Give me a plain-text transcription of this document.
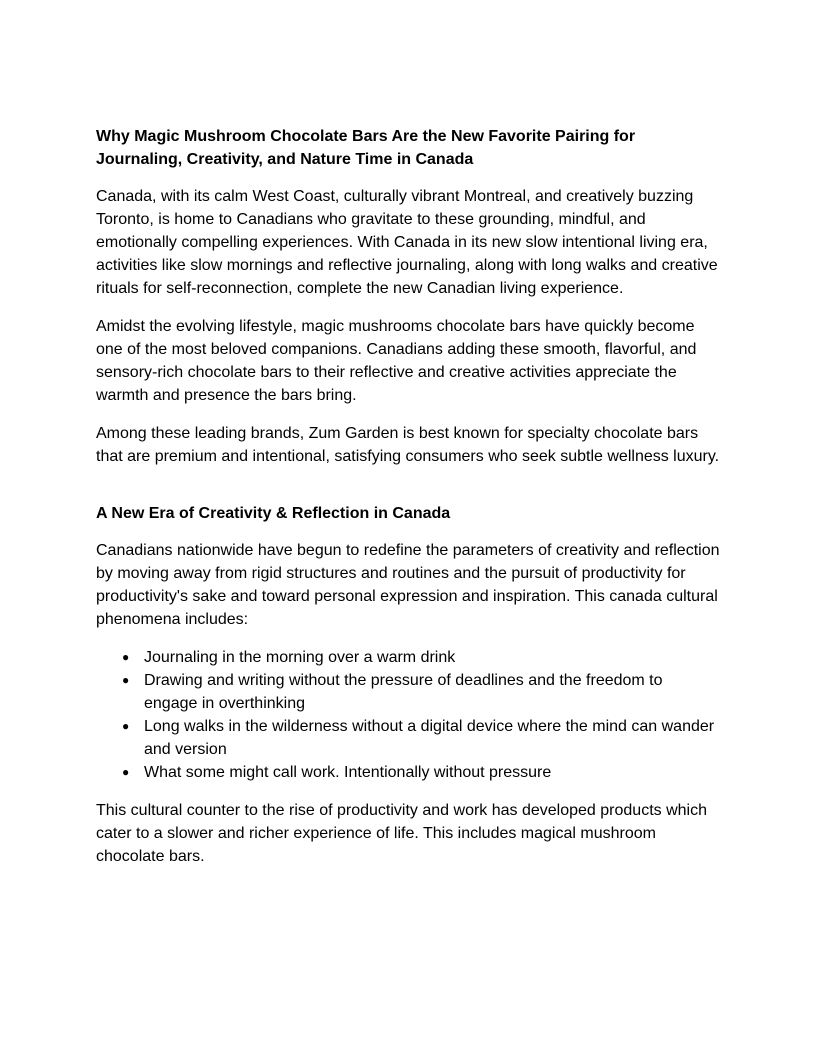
Why Magic Mushroom Chocolate Bars Are the New Favorite Pairing for Journaling, Creativity, and Nature Time in Canada

Canada, with its calm West Coast, culturally vibrant Montreal, and creatively buzzing Toronto, is home to Canadians who gravitate to these grounding, mindful, and emotionally compelling experiences. With Canada in its new slow intentional living era, activities like slow mornings and reflective journaling, along with long walks and creative rituals for self-reconnection, complete the new Canadian living experience.

Amidst the evolving lifestyle, magic mushrooms chocolate bars have quickly become one of the most beloved companions. Canadians adding these smooth, flavorful, and sensory-rich chocolate bars to their reflective and creative activities appreciate the warmth and presence the bars bring.

Among these leading brands, Zum Garden is best known for specialty chocolate bars that are premium and intentional, satisfying consumers who seek subtle wellness luxury.

A New Era of Creativity & Reflection in Canada

Canadians nationwide have begun to redefine the parameters of creativity and reflection by moving away from rigid structures and routines and the pursuit of productivity for productivity's sake and toward personal expression and inspiration. This canada cultural phenomena includes:

● Journaling in the morning over a warm drink
● Drawing and writing without the pressure of deadlines and the freedom to engage in overthinking
● Long walks in the wilderness without a digital device where the mind can wander and version
● What some might call work. Intentionally without pressure

This cultural counter to the rise of productivity and work has developed products which cater to a slower and richer experience of life. This includes magical mushroom chocolate bars.
